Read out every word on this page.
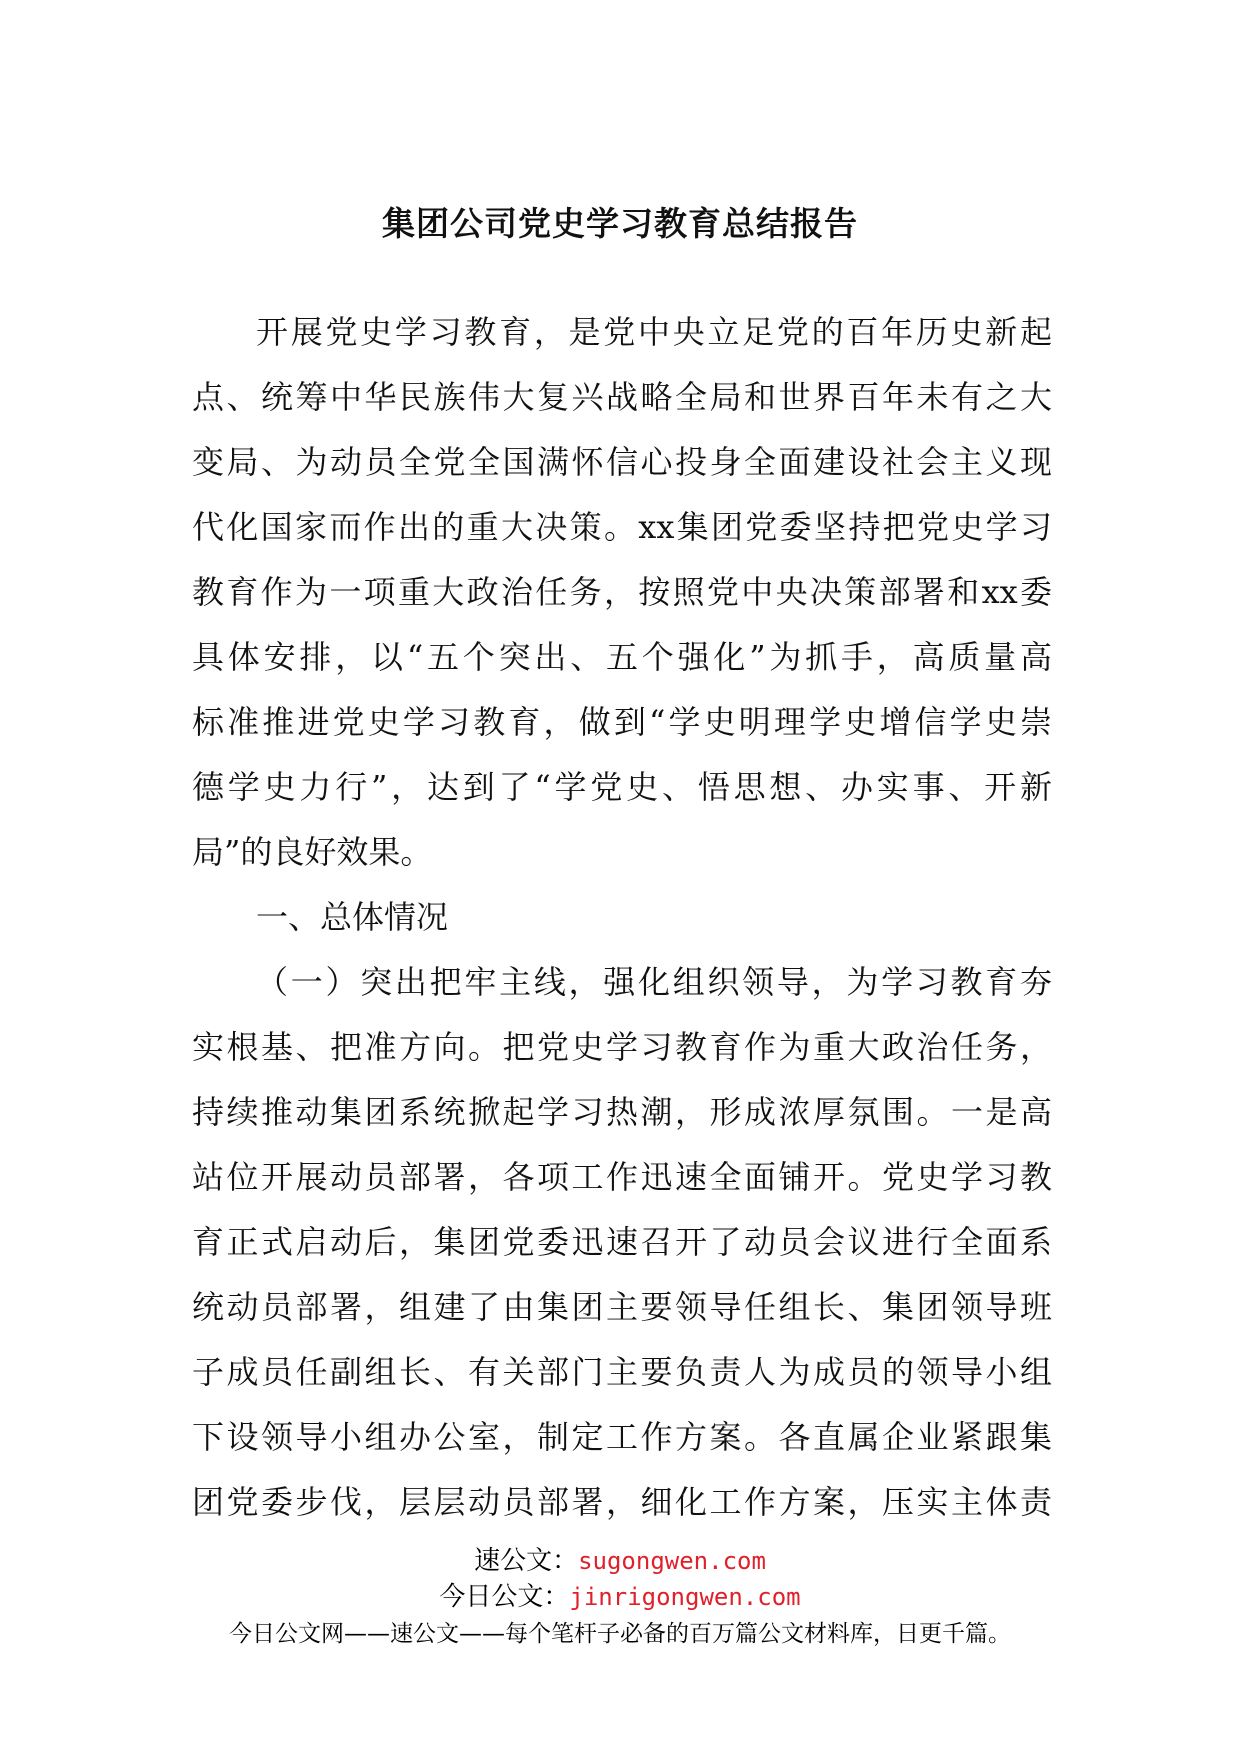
集团公司党史学习教育总结报告
开展党史学习教育，是党中央立足党的百年历史新起
点、统筹中华民族伟大复兴战略全局和世界百年未有之大
变局、为动员全党全国满怀信心投身全面建设社会主义现
代化国家而作出的重大决策。xx集团党委坚持把党史学习
教育作为一项重大政治任务，按照党中央决策部署和xx委
具体安排，以“五个突出、五个强化”为抓手，高质量高
标准推进党史学习教育，做到“学史明理学史增信学史崇
德学史力行”，达到了“学党史、悟思想、办实事、开新
局”的良好效果。
一、总体情况
（一）突出把牢主线，强化组织领导，为学习教育夯
实根基、把准方向。把党史学习教育作为重大政治任务，
持续推动集团系统掀起学习热潮，形成浓厚氛围。一是高
站位开展动员部署，各项工作迅速全面铺开。党史学习教
育正式启动后，集团党委迅速召开了动员会议进行全面系
统动员部署，组建了由集团主要领导任组长、集团领导班
子成员任副组长、有关部门主要负责人为成员的领导小组
下设领导小组办公室，制定工作方案。各直属企业紧跟集
团党委步伐，层层动员部署，细化工作方案，压实主体责
速公文：sugongwen.com
今日公文：jinrigongwen.com
今日公文网——速公文——每个笔杆子必备的百万篇公文材料库，日更千篇。
